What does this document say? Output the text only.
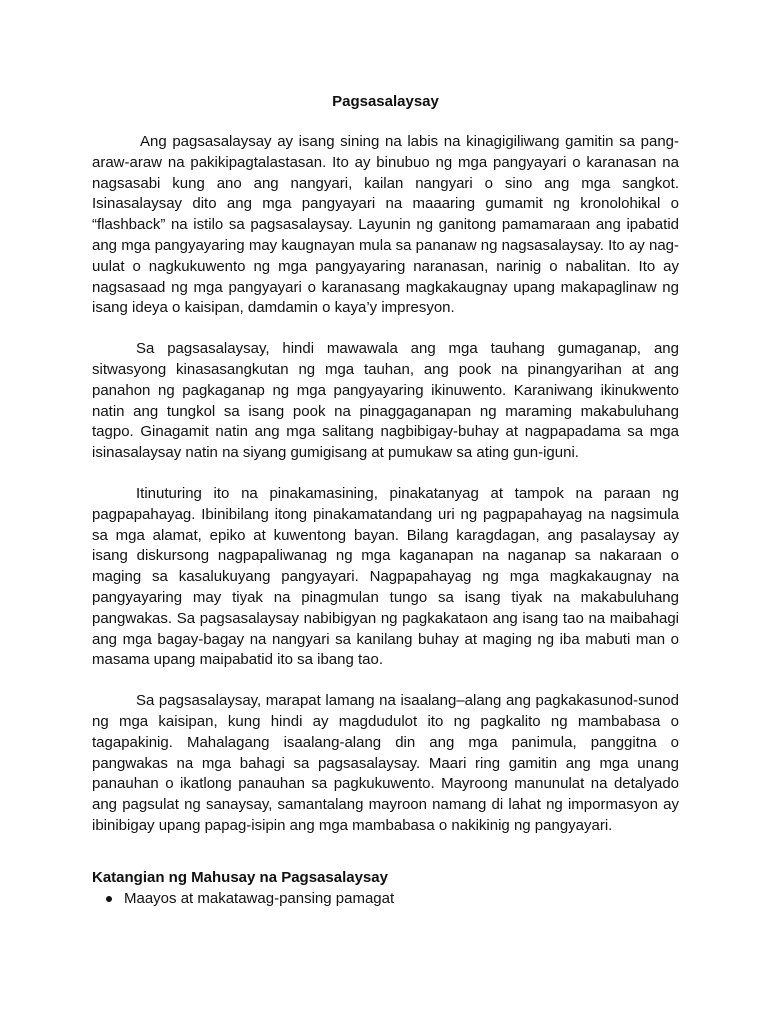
Pagsasalaysay

Ang pagsasalaysay ay isang sining na labis na kinagigiliwang gamitin sa pang-araw-araw na pakikipagtalastasan. Ito ay binubuo ng mga pangyayari o karanasan na nagsasabi kung ano ang nangyari, kailan nangyari o sino ang mga sangkot. Isinasalaysay dito ang mga pangyayari na maaaring gumamit ng kronolohikal o “flashback” na istilo sa pagsasalaysay. Layunin ng ganitong pamamaraan ang ipabatid ang mga pangyayaring may kaugnayan mula sa pananaw ng nagsasalaysay. Ito ay nag-uulat o nagkukuwento ng mga pangyayaring naranasan, narinig o nabalitan. Ito ay nagsasaad ng mga pangyayari o karanasang magkakaugnay upang makapaglinaw ng isang ideya o kaisipan, damdamin o kaya’y impresyon.

Sa pagsasalaysay, hindi mawawala ang mga tauhang gumaganap, ang sitwasyong kinasasangkutan ng mga tauhan, ang pook na pinangyarihan at ang panahon ng pagkaganap ng mga pangyayaring ikinuwento. Karaniwang ikinukwento natin ang tungkol sa isang pook na pinaggaganapan ng maraming makabuluhang tagpo. Ginagamit natin ang mga salitang nagbibigay-buhay at nagpapadama sa mga isinasalaysay natin na siyang gumigisang at pumukaw sa ating gun-iguni.

Itinuturing ito na pinakamasining, pinakatanyag at tampok na paraan ng pagpapahayag. Ibinibilang itong pinakamatandang uri ng pagpapahayag na nagsimula sa mga alamat, epiko at kuwentong bayan. Bilang karagdagan, ang pasalaysay ay isang diskursong nagpapaliwanag ng mga kaganapan na naganap sa nakaraan o maging sa kasalukuyang pangyayari. Nagpapahayag ng mga magkakaugnay na pangyayaring may tiyak na pinagmulan tungo sa isang tiyak na makabuluhang pangwakas. Sa pagsasalaysay nabibigyan ng pagkakataon ang isang tao na maibahagi ang mga bagay-bagay na nangyari sa kanilang buhay at maging ng iba mabuti man o masama upang maipabatid ito sa ibang tao.

Sa pagsasalaysay, marapat lamang na isaalang–alang ang pagkakasunod-sunod ng mga kaisipan, kung hindi ay magdudulot ito ng pagkalito ng mambabasa o tagapakinig. Mahalagang isaalang-alang din ang mga panimula, panggitna o pangwakas na mga bahagi sa pagsasalaysay. Maari ring gamitin ang mga unang panauhan o ikatlong panauhan sa pagkukuwento. Mayroong manunulat na detalyado ang pagsulat ng sanaysay, samantalang mayroon namang di lahat ng impormasyon ay ibinibigay upang papag-isipin ang mga mambabasa o nakikinig ng pangyayari.

Katangian ng Mahusay na Pagsasalaysay
Maayos at makatawag-pansing pamagat
